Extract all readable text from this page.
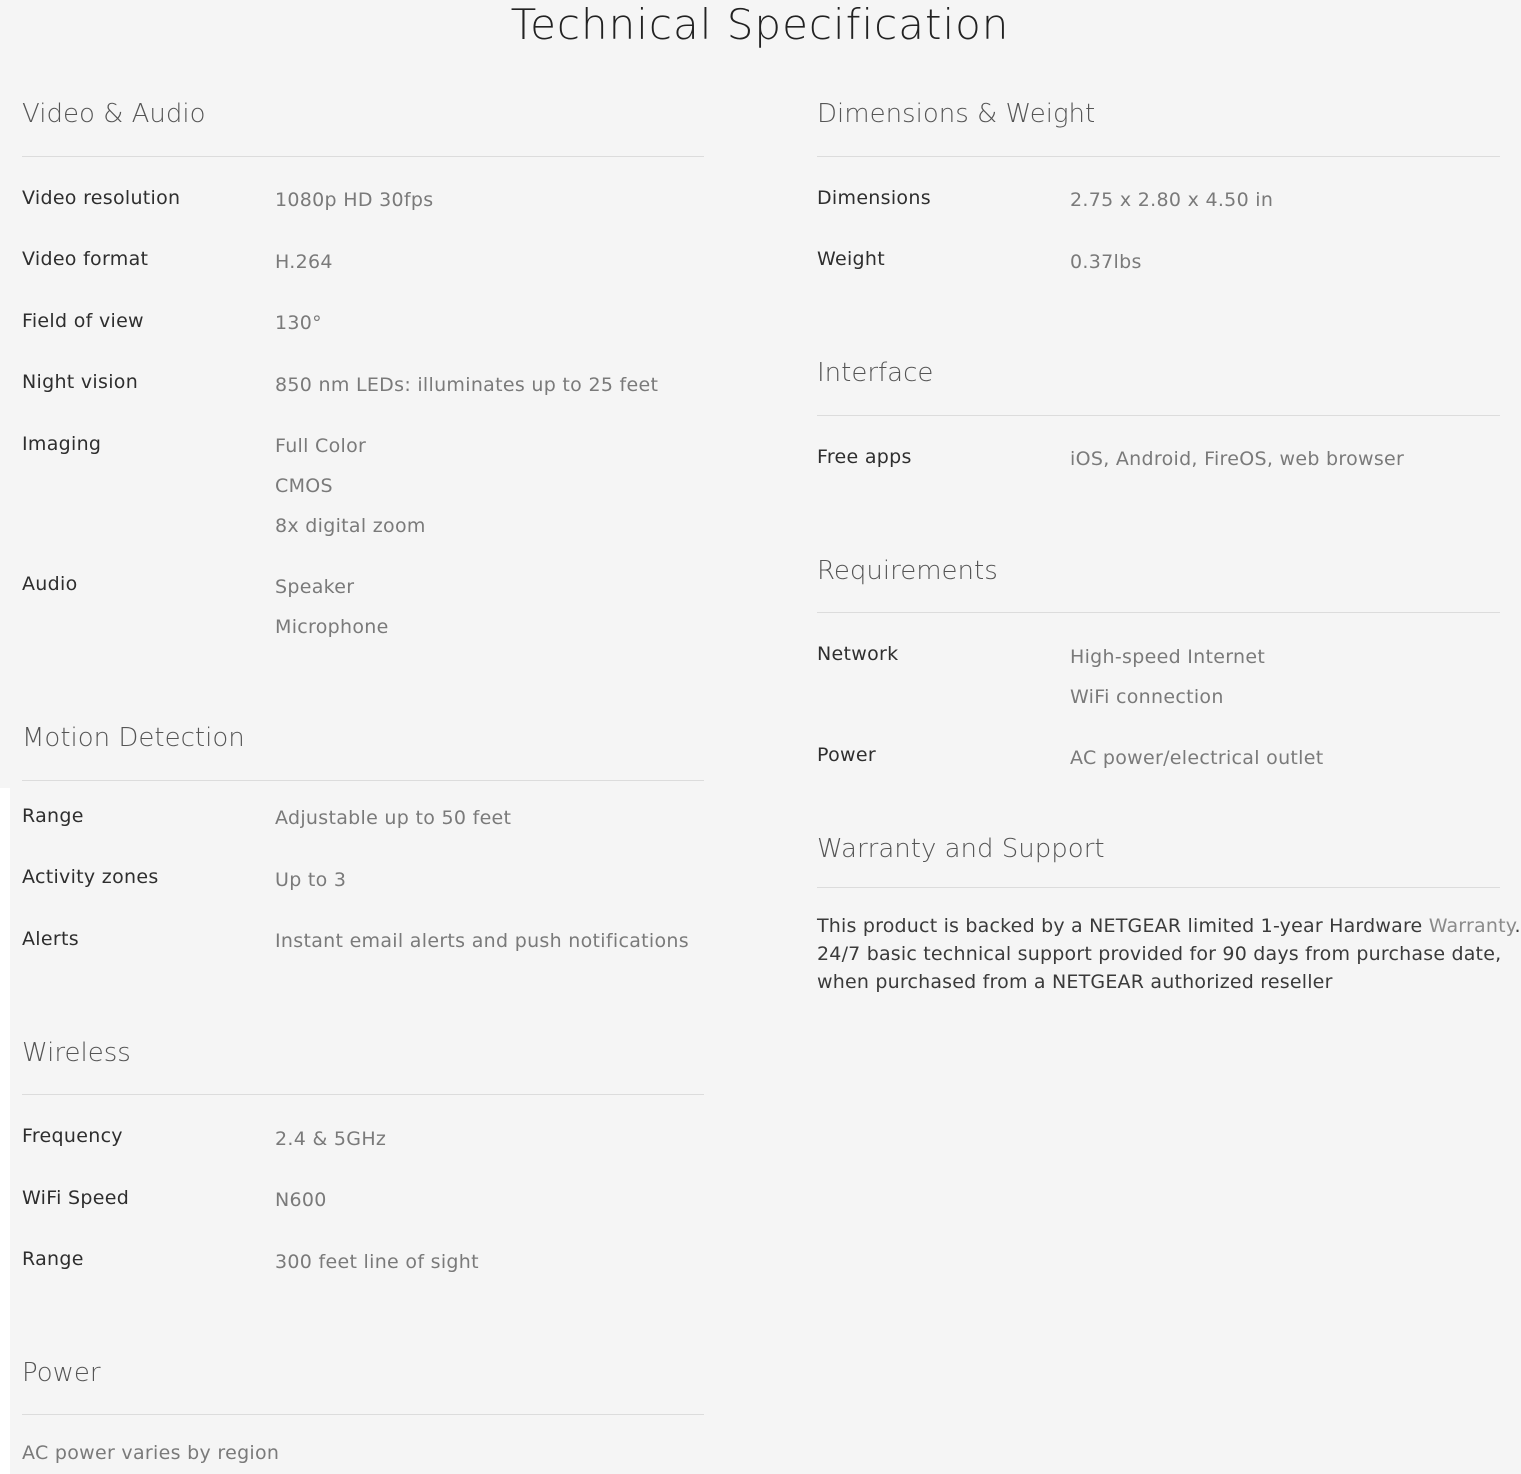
Technical Specification
Video & Audio
Video resolution	1080p HD 30fps
Video format	H.264
Field of view	130°
Night vision	850 nm LEDs: illuminates up to 25 feet
Imaging	Full Color
CMOS
8x digital zoom
Audio	Speaker
Microphone
Motion Detection
Range	Adjustable up to 50 feet
Activity zones	Up to 3
Alerts	Instant email alerts and push notifications
Wireless
Frequency	2.4 & 5GHz
WiFi Speed	N600
Range	300 feet line of sight
Power
AC power varies by region
Dimensions & Weight
Dimensions	2.75 x 2.80 x 4.50 in
Weight	0.37lbs
Interface
Free apps	iOS, Android, FireOS, web browser
Requirements
Network	High-speed Internet
WiFi connection
Power	AC power/electrical outlet
Warranty and Support

This product is backed by a NETGEAR limited 1-year Hardware Warranty.

24/7 basic technical support provided for 90 days from purchase date,

when purchased from a NETGEAR authorized reseller
